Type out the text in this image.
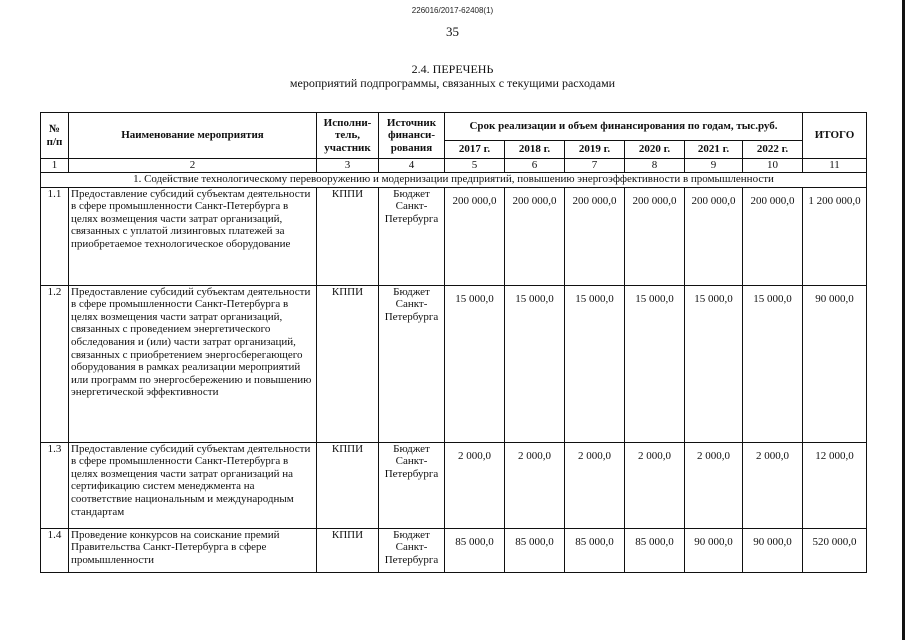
226016/2017-62408(1)
35
2.4. ПЕРЕЧЕНЬ
мероприятий подпрограммы, связанных с текущими расходами
№ п/п	Наименование мероприятия	Исполни-тель, участник	Источник финанси-рования	Срок реализации и объем финансирования по годам, тыс.руб.						ИТОГО
				2017 г.	2018 г.	2019 г.	2020 г.	2021 г.	2022 г.	
1	2	3	4	5	6	7	8	9	10	11
1. Содействие технологическому перевооружению и модернизации предприятий, повышению энергоэффективности в промышленности										
1.1	Предоставление субсидий субъектам деятельности в сфере промышленности Санкт-Петербурга в целях возмещения части затрат организаций, связанных с уплатой лизинговых платежей за приобретаемое технологическое оборудование	КППИ	Бюджет Санкт-Петербурга	200 000,0	200 000,0	200 000,0	200 000,0	200 000,0	200 000,0	1 200 000,0
1.2	Предоставление субсидий субъектам деятельности в сфере промышленности Санкт-Петербурга в целях возмещения части затрат организаций, связанных с проведением энергетического обследования и (или) части затрат организаций, связанных с приобретением энергосберегающего оборудования в рамках реализации мероприятий или программ по энергосбережению и повышению энергетической эффективности	КППИ	Бюджет Санкт-Петербурга	15 000,0	15 000,0	15 000,0	15 000,0	15 000,0	15 000,0	90 000,0
1.3	Предоставление субсидий субъектам деятельности в сфере промышленности Санкт-Петербурга в целях возмещения части затрат организаций на сертификацию систем менеджмента на соответствие национальным и международным стандартам	КППИ	Бюджет Санкт-Петербурга	2 000,0	2 000,0	2 000,0	2 000,0	2 000,0	2 000,0	12 000,0
1.4	Проведение конкурсов на соискание премий Правительства Санкт-Петербурга в сфере промышленности	КППИ	Бюджет Санкт-Петербурга	85 000,0	85 000,0	85 000,0	85 000,0	90 000,0	90 000,0	520 000,0
